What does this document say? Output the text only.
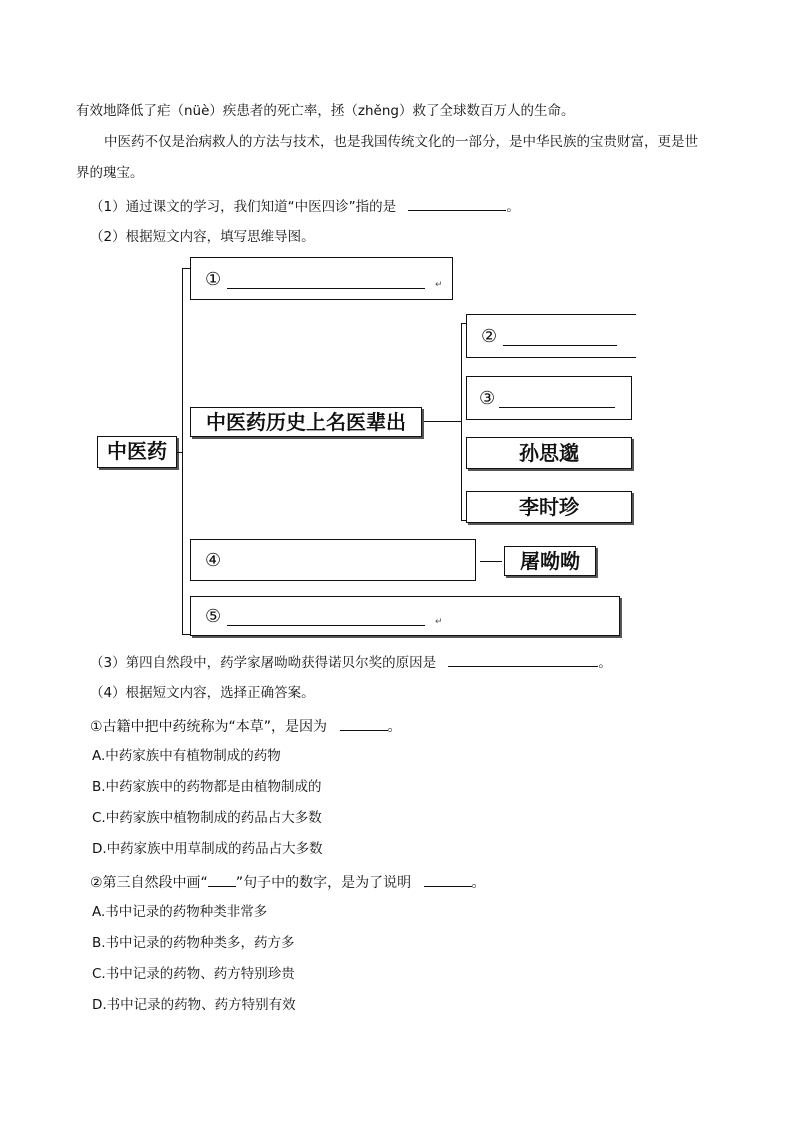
有效地降低了疟（nüè）疾患者的死亡率，拯（zhěng）救了全球数百万人的生命。
中医药不仅是治病救人的方法与技术，也是我国传统文化的一部分，是中华民族的宝贵财富，更是世
界的瑰宝。
（1）通过课文的学习，我们知道“中医四诊”指的是	。
（2）根据短文内容，填写思维导图。
中医药
①	↵
中医药历史上名医辈出
②
③
孙思邈
李时珍
④	屠呦呦
⑤	↵
（3）第四自然段中，药学家屠呦呦获得诺贝尔奖的原因是	。
（4）根据短文内容，选择正确答案。
①古籍中把中药统称为“本草”，是因为	。
A.中药家族中有植物制成的药物
B.中药家族中的药物都是由植物制成的
C.中药家族中植物制成的药品占大多数
D.中药家族中用草制成的药品占大多数
②第三自然段中画“ ”句子中的数字，是为了说明	。
A.书中记录的药物种类非常多
B.书中记录的药物种类多，药方多
C.书中记录的药物、药方特别珍贵
D.书中记录的药物、药方特别有效
